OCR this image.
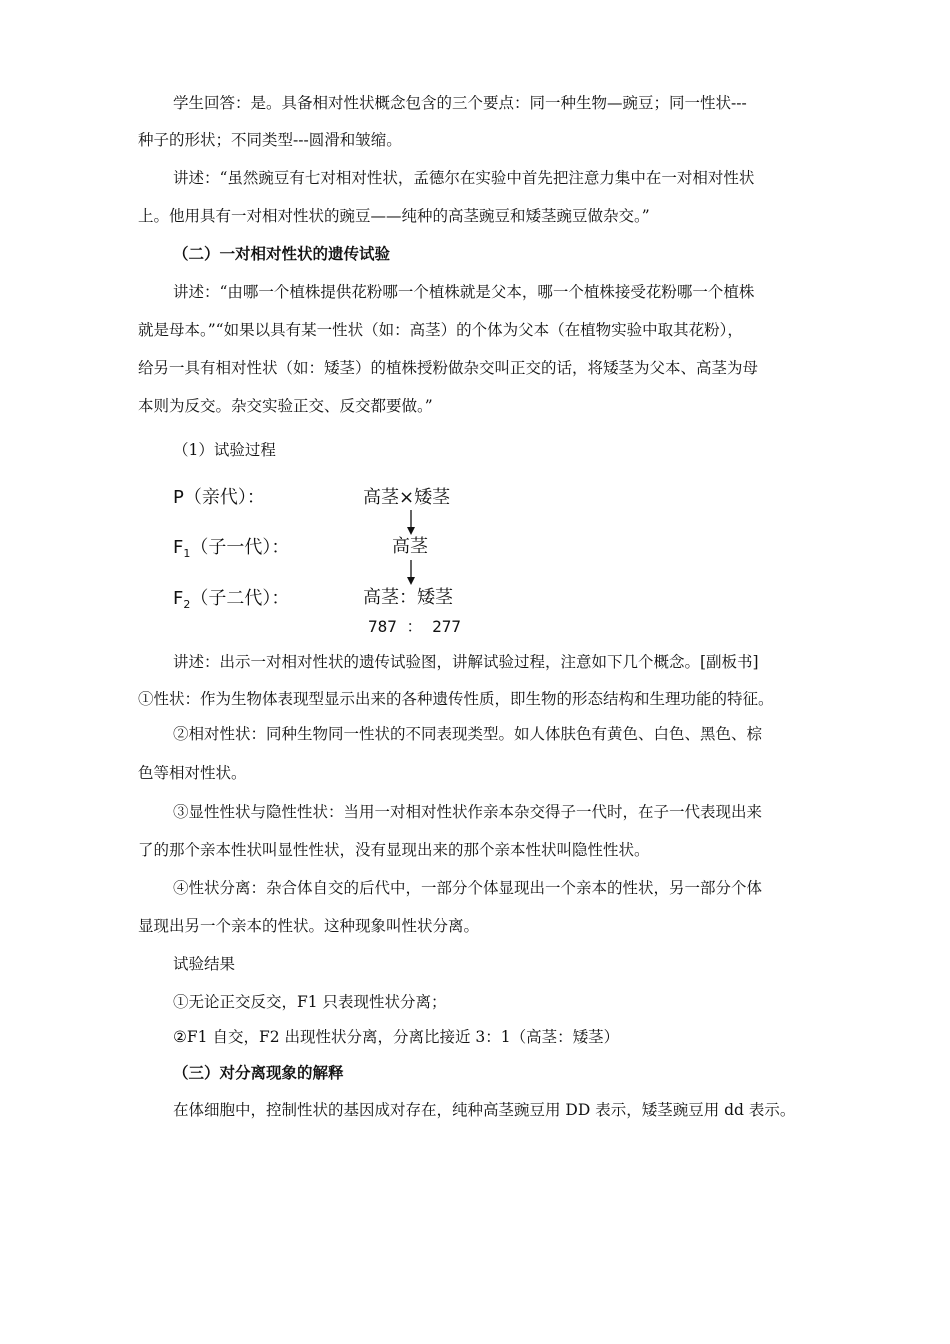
学生回答：是。具备相对性状概念包含的三个要点：同一种生物—豌豆；同一性状---
种子的形状；不同类型---圆滑和皱缩。
讲述：“虽然豌豆有七对相对性状，孟德尔在实验中首先把注意力集中在一对相对性状
上。他用具有一对相对性状的豌豆——纯种的高茎豌豆和矮茎豌豆做杂交。”
（二）一对相对性状的遗传试验
讲述：“由哪一个植株提供花粉哪一个植株就是父本，哪一个植株接受花粉哪一个植株
就是母本。”“如果以具有某一性状（如：高茎）的个体为父本（在植物实验中取其花粉），
给另一具有相对性状（如：矮茎）的植株授粉做杂交叫正交的话，将矮茎为父本、高茎为母
本则为反交。杂交实验正交、反交都要做。”
（1）试验过程
P（亲代）：	高茎×矮茎
$F_1$（子一代）：	高茎
$F_2$（子二代）：	高茎：矮茎
787 ： 277
讲述：出示一对相对性状的遗传试验图，讲解试验过程，注意如下几个概念。[副板书]
①性状：作为生物体表现型显示出来的各种遗传性质，即生物的形态结构和生理功能的特征。
②相对性状：同种生物同一性状的不同表现类型。如人体肤色有黄色、白色、黑色、棕
色等相对性状。
③显性性状与隐性性状：当用一对相对性状作亲本杂交得子一代时，在子一代表现出来
了的那个亲本性状叫显性性状，没有显现出来的那个亲本性状叫隐性性状。
④性状分离：杂合体自交的后代中，一部分个体显现出一个亲本的性状，另一部分个体
显现出另一个亲本的性状。这种现象叫性状分离。
试验结果
①无论正交反交，F1 只表现性状分离；
②F1 自交，F2 出现性状分离，分离比接近 3：1（高茎：矮茎）
（三）对分离现象的解释
在体细胞中，控制性状的基因成对存在，纯种高茎豌豆用 DD 表示，矮茎豌豆用 dd 表示。
